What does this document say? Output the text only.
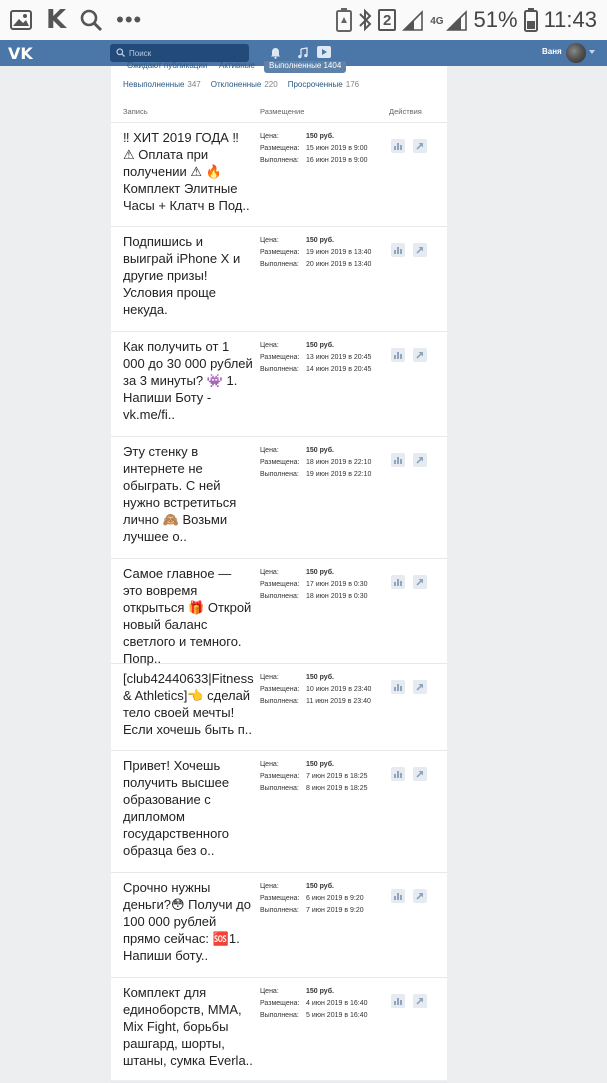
K •••	2	4G 51% 11:43
VK
Поиск	Ваня
Ожидают публикации Активные	Выполненные 1404
Невыполненные 347 Отклоненные 220 Просроченные 176
Запись	Размещение	Действия
‼ ХИТ 2019 ГОДА ‼ ⚠ Оплата при получении ⚠ 🔥 Комплект Элитные Часы + Клатч в Под..
Цена:	150 руб.
Размещена: 15 июн 2019 в 9:00
Выполнена:	16 июн 2019 в 9:00
Подпишись и выиграй iPhone X и другие призы! Условия проще некуда.
Цена:	150 руб.
Размещена: 19 июн 2019 в 13:40
Выполнена:	20 июн 2019 в 13:40
Как получить от 1 000 до 30 000 рублей за 3 минуты? 👾 1. Напиши Боту - vk.me/fi..
Цена:	150 руб.
Размещена: 13 июн 2019 в 20:45
Выполнена:	14 июн 2019 в 20:45
Эту стенку в интернете не обыграть. С ней нужно встретиться лично 🙈 Возьми лучшее о..
Цена:	150 руб.
Размещена: 18 июн 2019 в 22:10
Выполнена:	19 июн 2019 в 22:10
Самое главное — это вовремя открыться 🎁 Открой новый баланс светлого и темного. Попр..
Цена:	150 руб.
Размещена: 17 июн 2019 в 0:30
Выполнена:	18 июн 2019 в 0:30
[club42440633|Fitness & Athletics]👈 сделай тело своей мечты! Если хочешь быть п..
Цена:	150 руб.
Размещена: 10 июн 2019 в 23:40
Выполнена:	11 июн 2019 в 23:40
Привет! Хочешь получить высшее образование с дипломом государственного образца без о..
Цена:	150 руб.
Размещена: 7 июн 2019 в 18:25
Выполнена:	8 июн 2019 в 18:25
Срочно нужны деньги?😳 Получи до 100 000 рублей прямо сейчас: 🆘1. Напиши боту..
Цена:	150 руб.
Размещена: 6 июн 2019 в 9:20
Выполнена:	7 июн 2019 в 9:20
Комплект для единоборств, MMA, Mix Fight, борьбы рашгард, шорты, штаны, сумка Everla..
Цена:	150 руб.
Размещена: 4 июн 2019 в 16:40
Выполнена:	5 июн 2019 в 16:40
